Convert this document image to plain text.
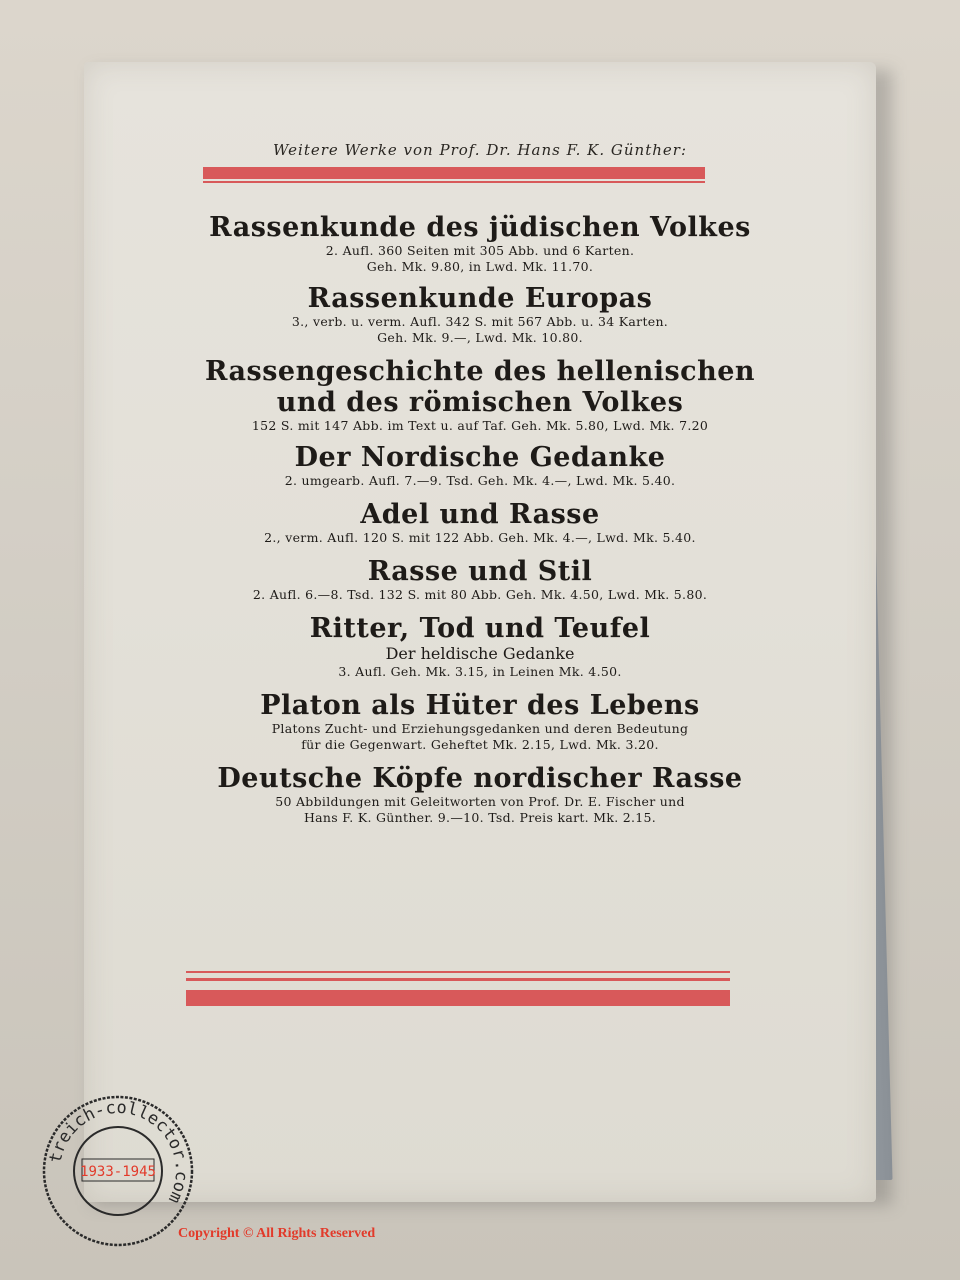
Weitere Werke von Prof. Dr. Hans F. K. Günther:
Rassenkunde des jüdischen Volkes
2. Aufl. 360 Seiten mit 305 Abb. und 6 Karten.
Geh. Mk. 9.80, in Lwd. Mk. 11.70.
Rassenkunde Europas
3., verb. u. verm. Aufl. 342 S. mit 567 Abb. u. 34 Karten.
Geh. Mk. 9.—, Lwd. Mk. 10.80.
Rassengeschichte des hellenischen
und des römischen Volkes
152 S. mit 147 Abb. im Text u. auf Taf. Geh. Mk. 5.80, Lwd. Mk. 7.20
Der Nordische Gedanke
2. umgearb. Aufl. 7.—9. Tsd. Geh. Mk. 4.—, Lwd. Mk. 5.40.
Adel und Rasse
2., verm. Aufl. 120 S. mit 122 Abb. Geh. Mk. 4.—, Lwd. Mk. 5.40.
Rasse und Stil
2. Aufl. 6.—8. Tsd. 132 S. mit 80 Abb. Geh. Mk. 4.50, Lwd. Mk. 5.80.
Ritter, Tod und Teufel
Der heldische Gedanke
3. Aufl. Geh. Mk. 3.15, in Leinen Mk. 4.50.
Platon als Hüter des Lebens
Platons Zucht- und Erziehungsgedanken und deren Bedeutung
für die Gegenwart. Geheftet Mk. 2.15, Lwd. Mk. 3.20.
Deutsche Köpfe nordischer Rasse
50 Abbildungen mit Geleitworten von Prof. Dr. E. Fischer und
Hans F. K. Günther. 9.—10. Tsd. Preis kart. Mk. 2.15.
treich-collector.com
1933-1945
Copyright © All Rights Reserved
